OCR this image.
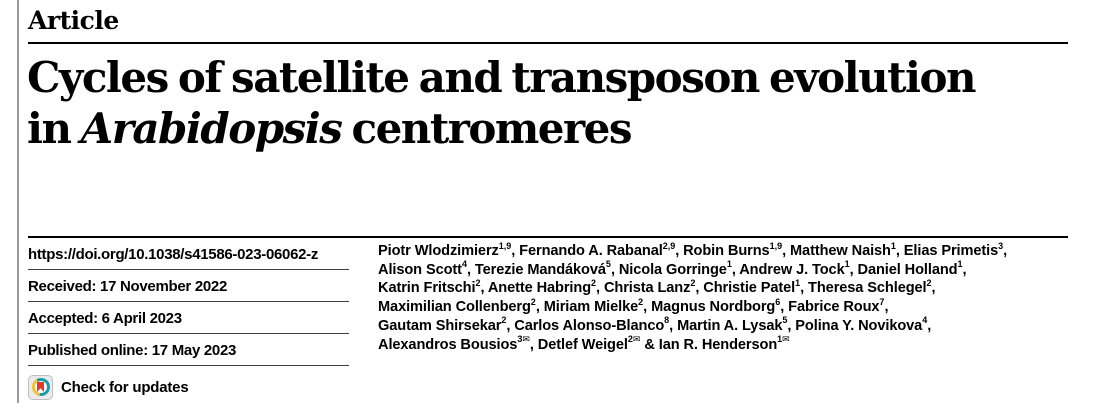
Article
Cycles of satellite and transposon evolution
in Arabidopsis centromeres
https://doi.org/10.1038/s41586-023-06062-z
Received: 17 November 2022
Accepted: 6 April 2023
Published online: 17 May 2023
Check for updates
Piotr Wlodzimierz$^{1,9}$, Fernando A. Rabanal$^{2,9}$, Robin Burns$^{1,9}$, Matthew Naish$^1$, Elias Primetis$^3$,
Alison Scott$^4$, Terezie Mandáková$^5$, Nicola Gorringe$^1$, Andrew J. Tock$^1$, Daniel Holland$^1$,
Katrin Fritschi$^2$, Anette Habring$^2$, Christa Lanz$^2$, Christie Patel$^1$, Theresa Schlegel$^2$,
Maximilian Collenberg$^2$, Miriam Mielke$^2$, Magnus Nordborg$^6$, Fabrice Roux$^7$,
Gautam Shirsekar$^2$, Carlos Alonso-Blanco$^8$, Martin A. Lysak$^5$, Polina Y. Novikova$^4$,
Alexandros Bousios$^{3✉}$, Detlef Weigel$^{2✉}$ & Ian R. Henderson$^{1✉}$
